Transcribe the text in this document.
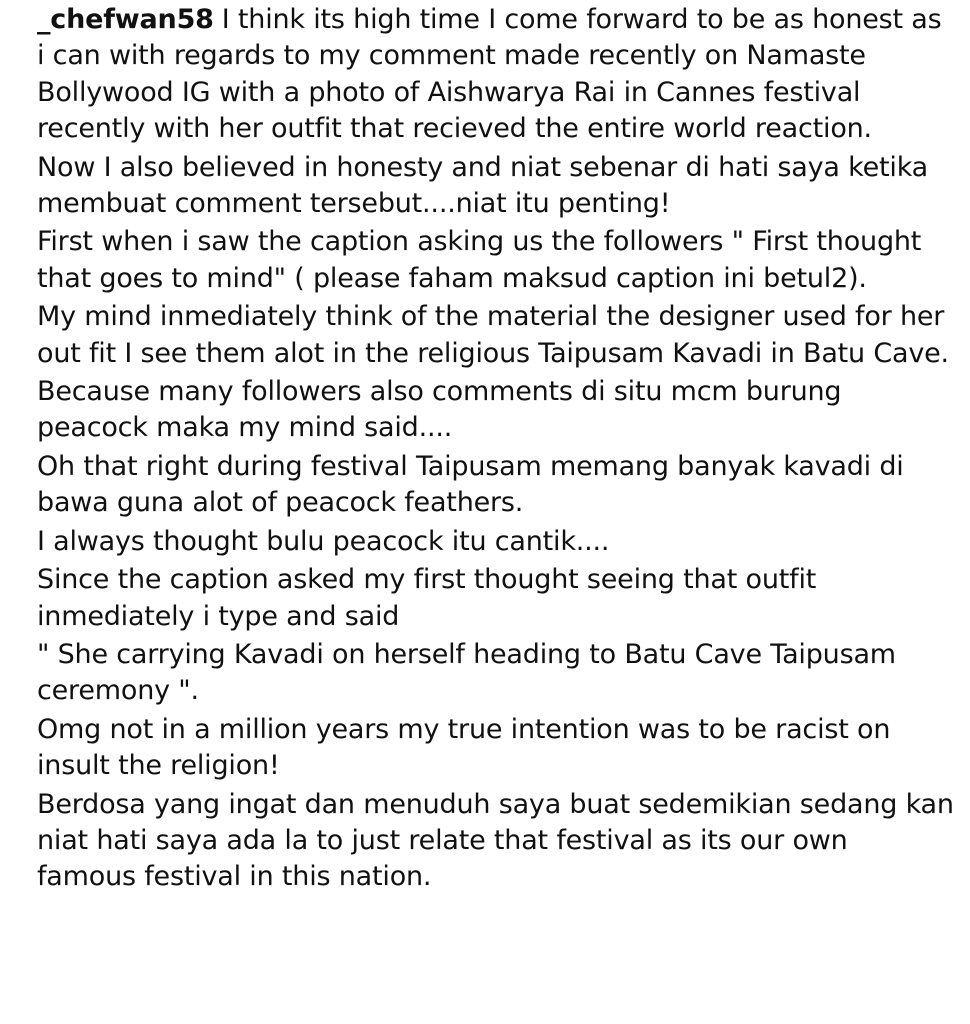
_chefwan58 I think its high time I come forward to be as honest as i can with regards to my comment made recently on Namaste Bollywood IG with a photo of Aishwarya Rai in Cannes festival recently with her outfit that recieved the entire world reaction.

Now I also believed in honesty and niat sebenar di hati saya ketika membuat comment tersebut....niat itu penting!

First when i saw the caption asking us the followers " First thought that goes to mind" ( please faham maksud caption ini betul2).

My mind inmediately think of the material the designer used for her out fit I see them alot in the religious Taipusam Kavadi in Batu Cave.

Because many followers also comments di situ mcm burung peacock maka my mind said....

Oh that right during festival Taipusam memang banyak kavadi di bawa guna alot of peacock feathers.

I always thought bulu peacock itu cantik....

Since the caption asked my first thought seeing that outfit inmediately i type and said

" She carrying Kavadi on herself heading to Batu Cave Taipusam ceremony ".

Omg not in a million years my true intention was to be racist on insult the religion!

Berdosa yang ingat dan menuduh saya buat sedemikian sedang kan niat hati saya ada la to just relate that festival as its our own famous festival in this nation.
